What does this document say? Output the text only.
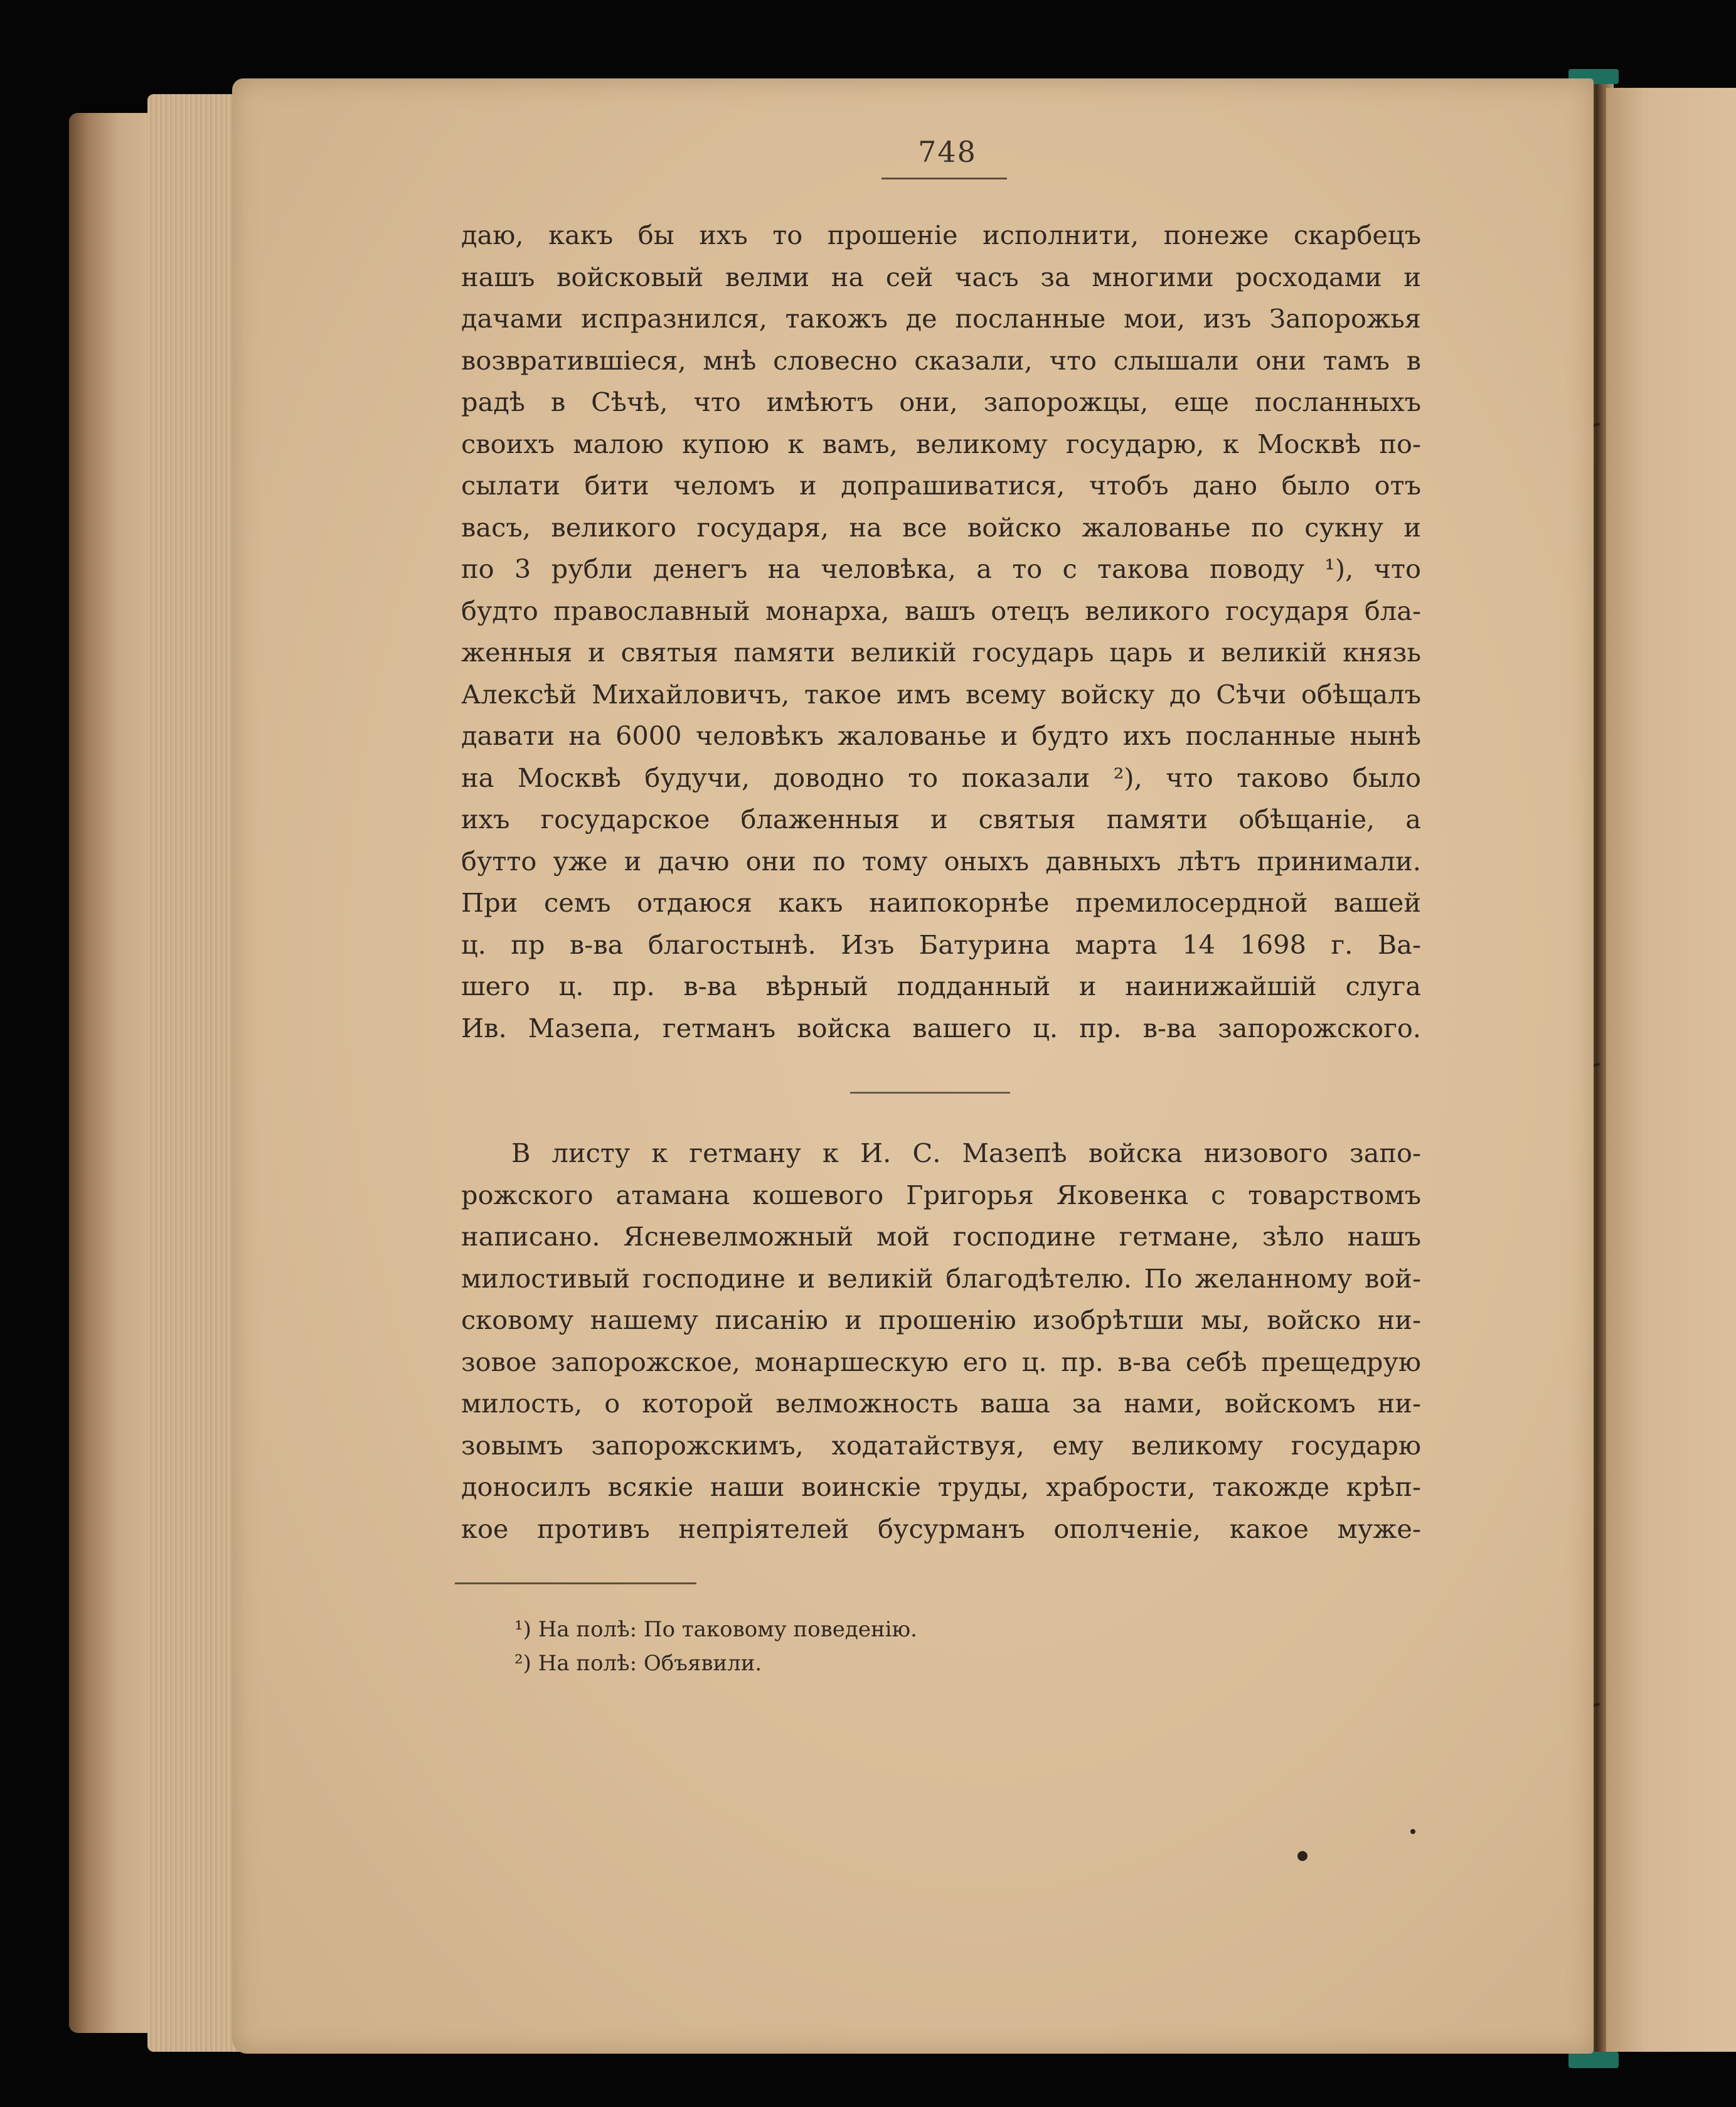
748
даю, какъ бы ихъ то прошеніе исполнити, понеже скарбецъ
нашъ войсковый велми на сей часъ за многими росходами и
дачами испразнился, такожъ де посланные мои, изъ Запорожья
возвратившіеся, мнѣ словесно сказали, что слышали они тамъ в
радѣ в Сѣчѣ, что имѣютъ они, запорожцы, еще посланныхъ
своихъ малою купою к вамъ, великому государю, к Москвѣ по-
сылати бити челомъ и допрашиватися, чтобъ дано было отъ
васъ, великого государя, на все войско жалованье по сукну и
по 3 рубли денегъ на человѣка, а то с такова поводу ¹), что
будто православный монарха, вашъ отецъ великого государя бла-
женныя и святыя памяти великій государь царь и великій князь
Алексѣй Михайловичъ, такое имъ всему войску до Сѣчи обѣщалъ
давати на 6000 человѣкъ жалованье и будто ихъ посланные нынѣ
на Москвѣ будучи, доводно то показали ²), что таково было
ихъ государское блаженныя и святыя памяти обѣщаніе, а
бутто уже и дачю они по тому оныхъ давныхъ лѣтъ принимали.
При семъ отдаюся какъ наипокорнѣе премилосердной вашей
ц. пр в-ва благостынѣ. Изъ Батурина марта 14 1698 г. Ва-
шего ц. пр. в-ва вѣрный подданный и наинижайшій слуга
Ив. Мазепа, гетманъ войска вашего ц. пр. в-ва запорожского.
В листу к гетману к И. С. Мазепѣ войска низового запо-
рожского атамана кошевого Григорья Яковенка с товарствомъ
написано. Ясневелможный мой господине гетмане, зѣло нашъ
милостивый господине и великій благодѣтелю. По желанному вой-
сковому нашему писанію и прошенію изобрѣтши мы, войско ни-
зовое запорожское, монаршескую его ц. пр. в-ва себѣ прещедрую
милость, о которой велможность ваша за нами, войскомъ ни-
зовымъ запорожскимъ, ходатайствуя, ему великому государю
доносилъ всякіе наши воинскіе труды, храбрости, такожде крѣп-
кое противъ непріятелей бусурманъ ополченіе, какое муже-
¹) На полѣ: По таковому поведенію.
²) На полѣ: Объявили.
